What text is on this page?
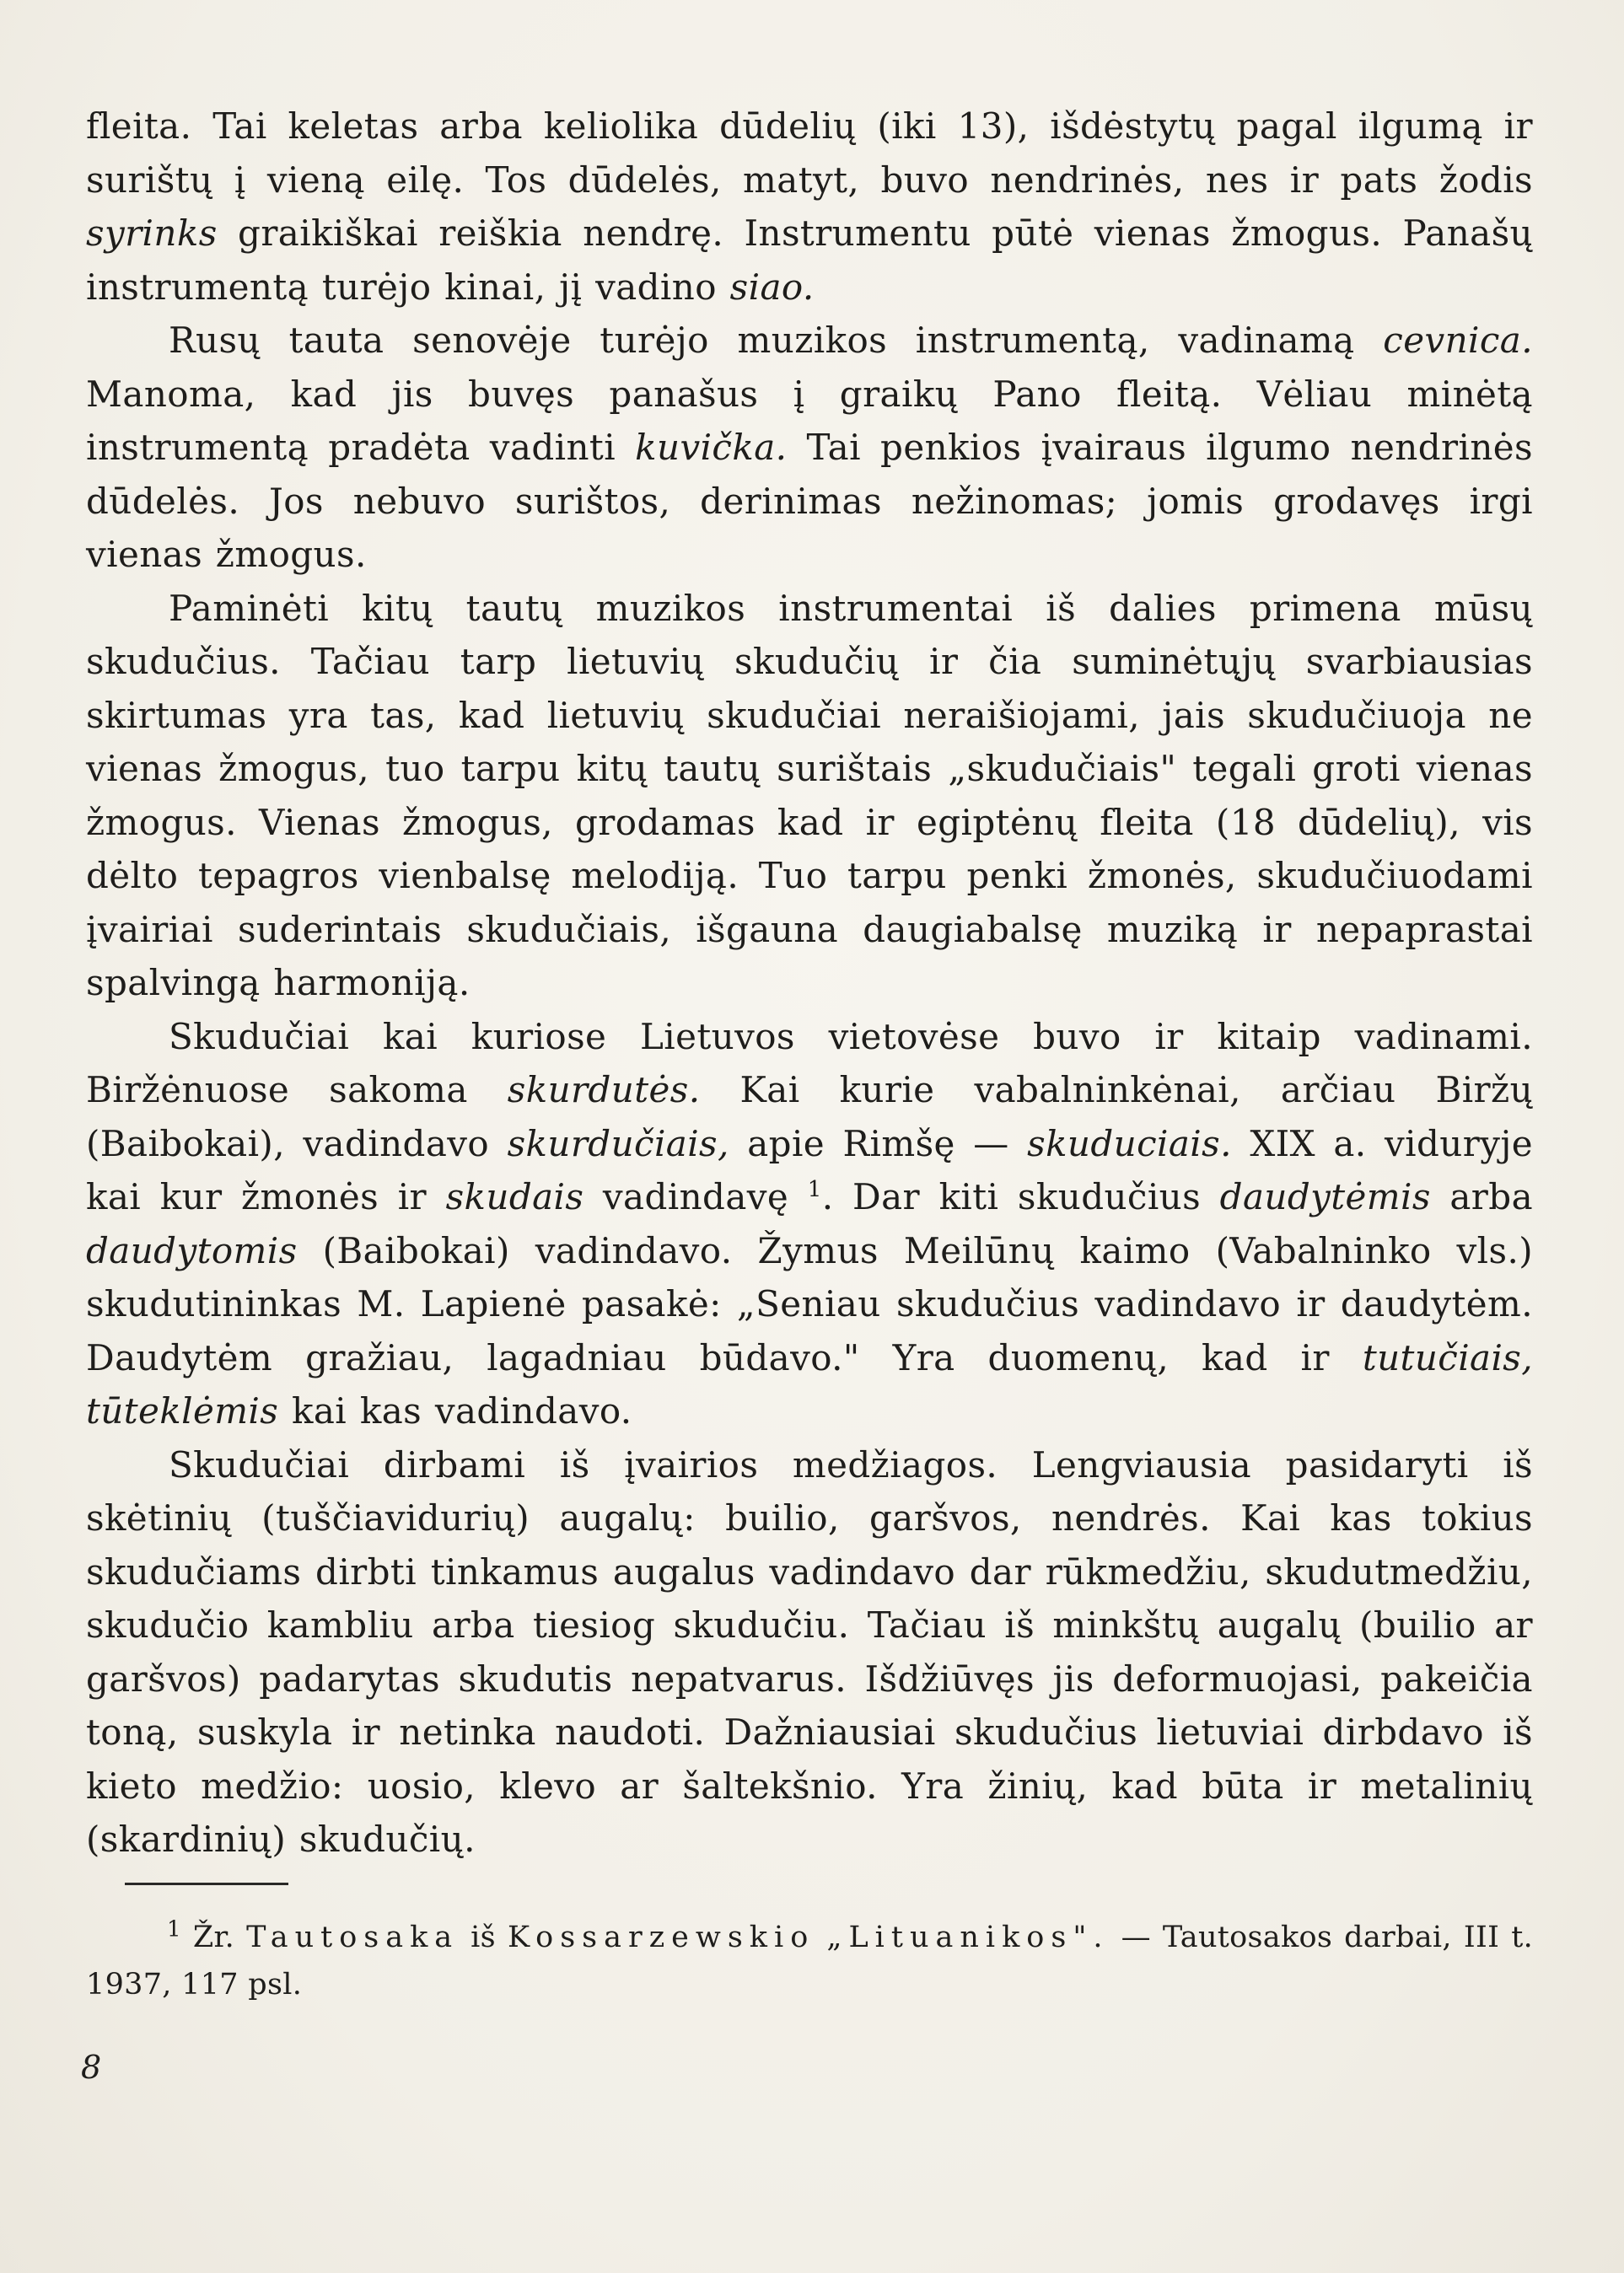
fleita. Tai keletas arba keliolika dūdelių (iki 13), išdėstytų pagal ilgumą ir surištų į vieną eilę. Tos dūdelės, matyt, buvo nendrinės, nes ir pats žodis syrinks graikiškai reiškia nendrę. Instrumentu pūtė vienas žmogus. Panašų instrumentą turėjo kinai, jį vadino siao.

Rusų tauta senovėje turėjo muzikos instrumentą, vadinamą cevnica. Manoma, kad jis buvęs panašus į graikų Pano fleitą. Vėliau minėtą instrumentą pradėta vadinti kuvička. Tai penkios įvairaus ilgumo nendrinės dūdelės. Jos nebuvo surištos, derinimas nežinomas; jomis grodavęs irgi vienas žmogus.

Paminėti kitų tautų muzikos instrumentai iš dalies primena mūsų skudučius. Tačiau tarp lietuvių skudučių ir čia suminėtųjų svarbiausias skirtumas yra tas, kad lietuvių skudučiai neraišiojami, jais skudučiuoja ne vienas žmogus, tuo tarpu kitų tautų surištais „skudučiais" tegali groti vienas žmogus. Vienas žmogus, grodamas kad ir egiptėnų fleita (18 dūdelių), vis dėlto tepagros vienbalsę melodiją. Tuo tarpu penki žmonės, skudučiuodami įvairiai suderintais skudučiais, išgauna daugiabalsę muziką ir nepaprastai spalvingą harmoniją.

Skudučiai kai kuriose Lietuvos vietovėse buvo ir kitaip vadinami. Biržėnuose sakoma skurdutės. Kai kurie vabalninkėnai, arčiau Biržų (Baibokai), vadindavo skurdučiais, apie Rimšę — skuduciais. XIX a. viduryje kai kur žmonės ir skudais vadindavę $^1$. Dar kiti skudučius daudytėmis arba daudytomis (Baibokai) vadindavo. Žymus Meilūnų kaimo (Vabalninko vls.) skudutininkas M. Lapienė pasakė: „Seniau skudučius vadindavo ir daudytėm. Daudytėm gražiau, lagadniau būdavo." Yra duomenų, kad ir tutučiais, tūteklėmis kai kas vadindavo.

Skudučiai dirbami iš įvairios medžiagos. Lengviausia pasidaryti iš skėtinių (tuščiavidurių) augalų: builio, garšvos, nendrės. Kai kas tokius skudučiams dirbti tinkamus augalus vadindavo dar rūkmedžiu, skudutmedžiu, skudučio kambliu arba tiesiog skudučiu. Tačiau iš minkštų augalų (builio ar garšvos) padarytas skudutis nepatvarus. Išdžiūvęs jis deformuojasi, pakeičia toną, suskyla ir netinka naudoti. Dažniausiai skudučius lietuviai dirbdavo iš kieto medžio: uosio, klevo ar šaltekšnio. Yra žinių, kad būta ir metalinių (skardinių) skudučių.

$^1$ Žr. Tautosaka iš Kossarzewskio „Lituanikos". — Tautosakos darbai, III t. 1937, 117 psl.

8
